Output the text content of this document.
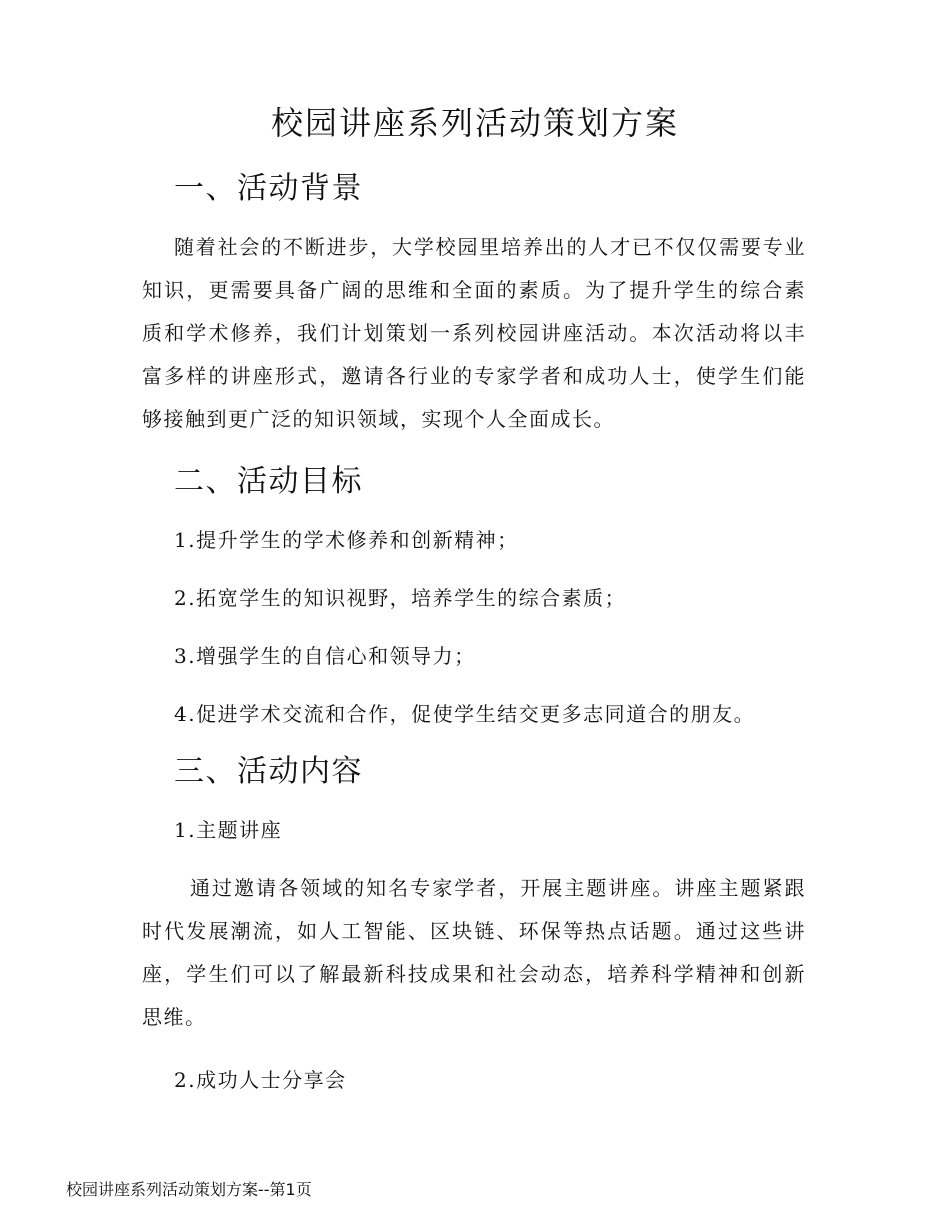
校园讲座系列活动策划方案
一、活动背景

随着社会的不断进步，大学校园里培养出的人才已不仅仅需要专业知识，更需要具备广阔的思维和全面的素质。为了提升学生的综合素质和学术修养，我们计划策划一系列校园讲座活动。本次活动将以丰富多样的讲座形式，邀请各行业的专家学者和成功人士，使学生们能够接触到更广泛的知识领域，实现个人全面成长。

二、活动目标

1.提升学生的学术修养和创新精神；

2.拓宽学生的知识视野，培养学生的综合素质；

3.增强学生的自信心和领导力；

4.促进学术交流和合作，促使学生结交更多志同道合的朋友。

三、活动内容

1.主题讲座

通过邀请各领域的知名专家学者，开展主题讲座。讲座主题紧跟时代发展潮流，如人工智能、区块链、环保等热点话题。通过这些讲座，学生们可以了解最新科技成果和社会动态，培养科学精神和创新思维。

2.成功人士分享会

校园讲座系列活动策划方案--第1页
